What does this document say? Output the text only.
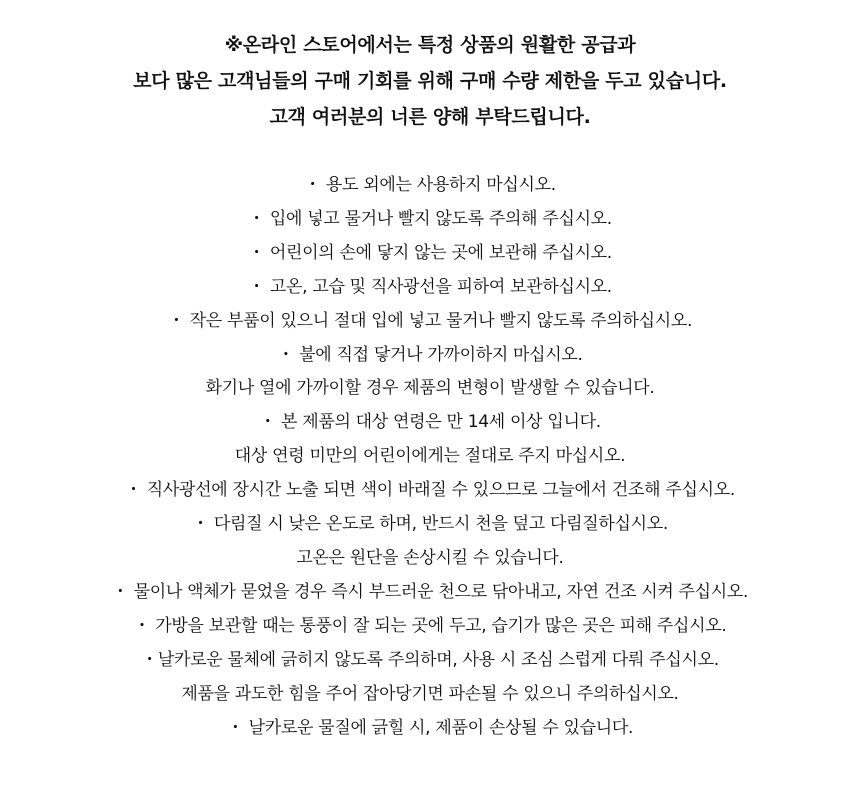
※온라인 스토어에서는 특정 상품의 원활한 공급과
보다 많은 고객님들의 구매 기회를 위해 구매 수량 제한을 두고 있습니다.
고객 여러분의 너른 양해 부탁드립니다.
・ 용도 외에는 사용하지 마십시오.
・ 입에 넣고 물거나 빨지 않도록 주의해 주십시오.
・ 어린이의 손에 닿지 않는 곳에 보관해 주십시오.
・ 고온, 고습 및 직사광선을 피하여 보관하십시오.
・ 작은 부품이 있으니 절대 입에 넣고 물거나 빨지 않도록 주의하십시오.
・ 불에 직접 닿거나 가까이하지 마십시오.
화기나 열에 가까이할 경우 제품의 변형이 발생할 수 있습니다.
・ 본 제품의 대상 연령은 만 14세 이상 입니다.
대상 연령 미만의 어린이에게는 절대로 주지 마십시오.
・ 직사광선에 장시간 노출 되면 색이 바래질 수 있으므로 그늘에서 건조해 주십시오.
・ 다림질 시 낮은 온도로 하며, 반드시 천을 덮고 다림질하십시오.
고온은 원단을 손상시킬 수 있습니다.
・ 물이나 액체가 묻었을 경우 즉시 부드러운 천으로 닦아내고, 자연 건조 시켜 주십시오.
・ 가방을 보관할 때는 통풍이 잘 되는 곳에 두고, 습기가 많은 곳은 피해 주십시오.
・날카로운 물체에 긁히지 않도록 주의하며, 사용 시 조심 스럽게 다뤄 주십시오.
제품을 과도한 힘을 주어 잡아당기면 파손될 수 있으니 주의하십시오.
・ 날카로운 물질에 긁힐 시, 제품이 손상될 수 있습니다.
